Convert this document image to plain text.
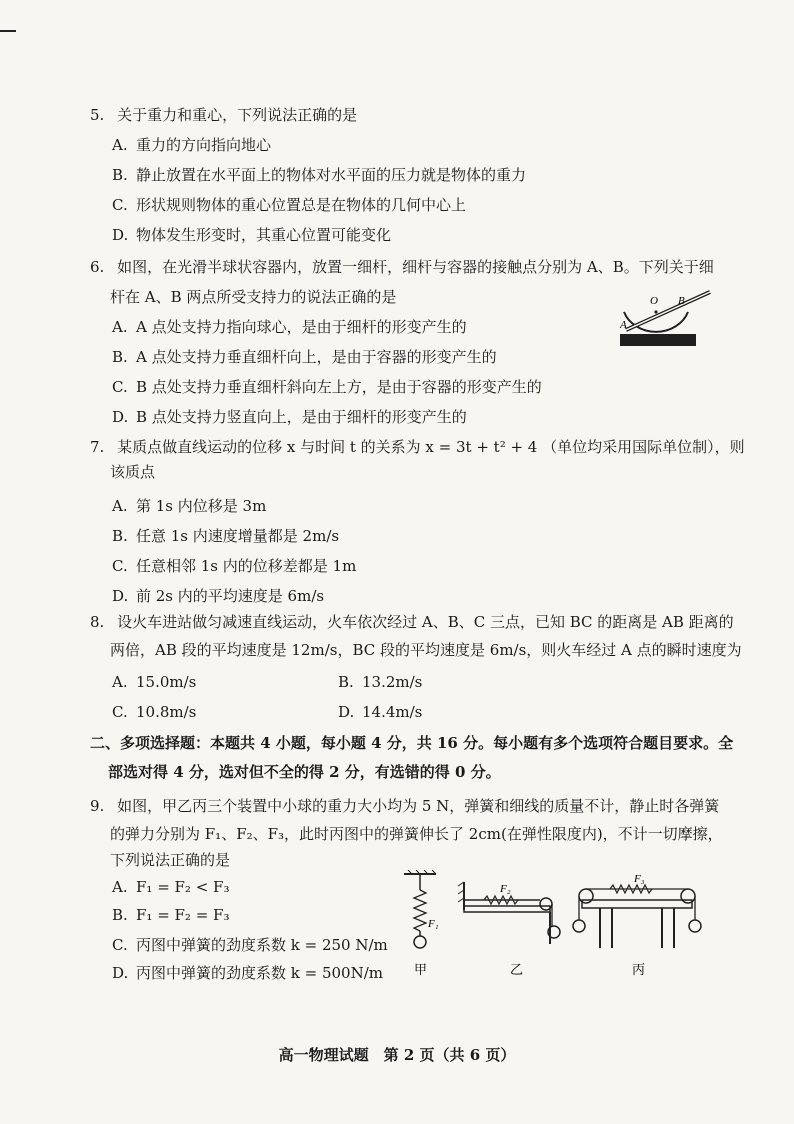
5. 关于重力和重心，下列说法正确的是
A. 重力的方向指向地心
B. 静止放置在水平面上的物体对水平面的压力就是物体的重力
C. 形状规则物体的重心位置总是在物体的几何中心上
D. 物体发生形变时，其重心位置可能变化
6. 如图，在光滑半球状容器内，放置一细杆，细杆与容器的接触点分别为 A、B。下列关于细
杆在 A、B 两点所受支持力的说法正确的是
A. A 点处支持力指向球心，是由于细杆的形变产生的
B. A 点处支持力垂直细杆向上，是由于容器的形变产生的
C. B 点处支持力垂直细杆斜向左上方，是由于容器的形变产生的
D. B 点处支持力竖直向上，是由于细杆的形变产生的
O B
A
7. 某质点做直线运动的位移 x 与时间 t 的关系为 x = 3t + t² + 4 （单位均采用国际单位制），则
该质点
A. 第 1s 内位移是 3m
B. 任意 1s 内速度增量都是 2m/s
C. 任意相邻 1s 内的位移差都是 1m
D. 前 2s 内的平均速度是 6m/s
8. 设火车进站做匀减速直线运动，火车依次经过 A、B、C 三点，已知 BC 的距离是 AB 距离的
两倍，AB 段的平均速度是 12m/s，BC 段的平均速度是 6m/s，则火车经过 A 点的瞬时速度为
A. 15.0m/s	B. 13.2m/s
C. 10.8m/s	D. 14.4m/s
二、多项选择题：本题共 4 小题，每小题 4 分，共 16 分。每小题有多个选项符合题目要求。全
部选对得 4 分，选对但不全的得 2 分，有选错的得 0 分。
9. 如图，甲乙丙三个装置中小球的重力大小均为 5 N，弹簧和细线的质量不计，静止时各弹簧
的弹力分别为 F₁、F₂、F₃，此时丙图中的弹簧伸长了 2cm(在弹性限度内)，不计一切摩擦，
下列说法正确的是
A. F₁ = F₂ < F₃
B. F₁ = F₂ = F₃
C. 丙图中弹簧的劲度系数 k = 250 N/m
D. 丙图中弹簧的劲度系数 k = 500N/m
F₁
甲
F₂
乙
F₃
丙
高一物理试题　第 2 页（共 6 页）
